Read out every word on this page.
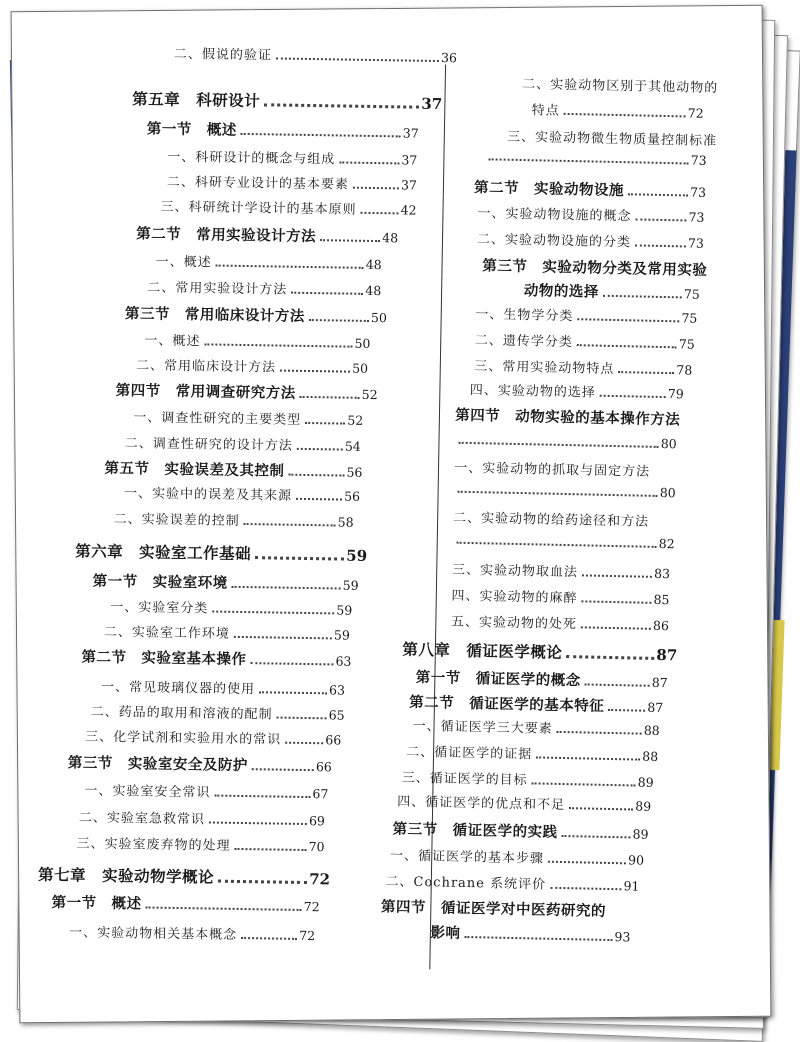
二、假说的验证	36
第五章　科研设计	37
第一节　概述	37
一、科研设计的概念与组成	37
二、科研专业设计的基本要素	37
三、科研统计学设计的基本原则	42
第二节　常用实验设计方法	48
一、概述	48
二、常用实验设计方法	48
第三节　常用临床设计方法	50
一、概述	50
二、常用临床设计方法	50
第四节　常用调查研究方法	52
一、调查性研究的主要类型	52
二、调查性研究的设计方法	54
第五节　实验误差及其控制	56
一、实验中的误差及其来源	56
二、实验误差的控制	58
第六章　实验室工作基础	59
第一节　实验室环境	59
一、实验室分类	59
二、实验室工作环境	59
第二节　实验室基本操作	63
一、常见玻璃仪器的使用	63
二、药品的取用和溶液的配制	65
三、化学试剂和实验用水的常识	66
第三节　实验室安全及防护	66
一、实验室安全常识	67
二、实验室急救常识	69
三、实验室废弃物的处理	70
第七章　实验动物学概论	72
第一节　概述	72
一、实验动物相关基本概念	72
二、实验动物区别于其他动物的
特点	72
三、实验动物微生物质量控制标准
73
第二节　实验动物设施	73
一、实验动物设施的概念	73
二、实验动物设施的分类	73
第三节　实验动物分类及常用实验
动物的选择	75
一、生物学分类	75
二、遗传学分类	75
三、常用实验动物特点	78
四、实验动物的选择	79
第四节　动物实验的基本操作方法
80
一、实验动物的抓取与固定方法
80
二、实验动物的给药途径和方法
82
三、实验动物取血法	83
四、实验动物的麻醉	85
五、实验动物的处死	86
第八章　循证医学概论	87
第一节　循证医学的概念	87
第二节　循证医学的基本特征	87
一、循证医学三大要素	88
二、循证医学的证据	88
三、循证医学的目标	89
四、循证医学的优点和不足	89
第三节　循证医学的实践	89
一、循证医学的基本步骤	90
二、Cochrane 系统评价	91
第四节　循证医学对中医药研究的
影响	93
